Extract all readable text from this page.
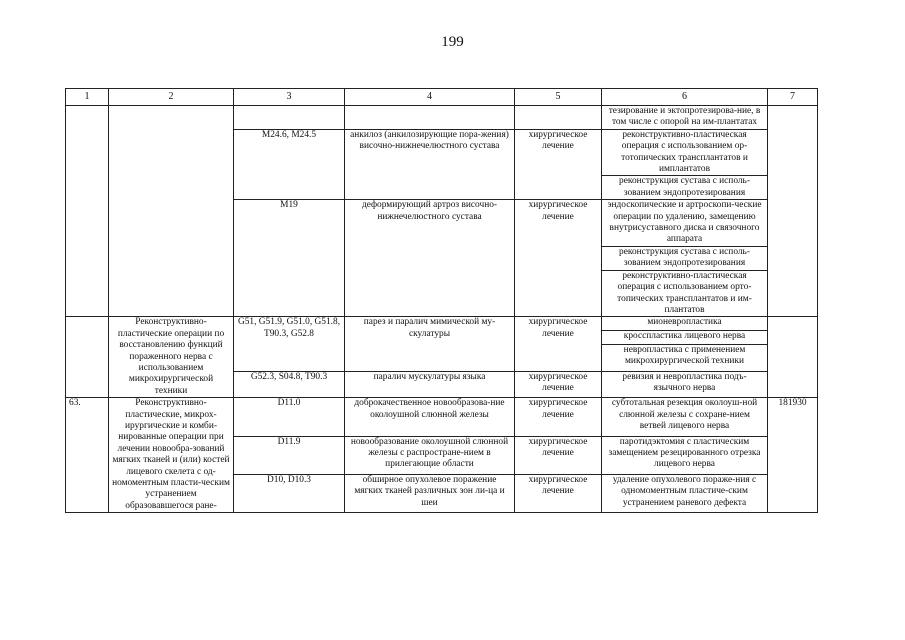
199
1	2	3	4	5	6	7
					тезирование и эктопротезирова-ние, в том числе с опорой на им-плантатах	
		М24.6, М24.5	анкилоз (анкилозирующие пора-жения) височно-нижнечелюстного сустава	хирургическое лечение	реконструктивно-пластическая операция с использованием ор-тотопических трансплантатов и имплантатов	
					реконструкция сустава с исполь-зованием эндопротезирования	
		М19	деформирующий артроз височно-нижнечелюстного сустава	хирургическое лечение	эндоскопические и артроскопи-ческие операции по удалению, замещению внутрисуставного диска и связочного аппарата	
					реконструкция сустава с исполь-зованием эндопротезирования	
					реконструктивно-пластическая операция с использованием орто-топических трансплантатов и им-плантатов	
	Реконструктивно-пластические операции по восстановлению функций пораженного нерва с использованием микрохирургической техники	G51, G51.9, G51.0, G51.8, Т90.3, G52.8	парез и паралич мимической му-скулатуры	хирургическое лечение	мионевропластика	
					кросспластика лицевого нерва	
					невропластика с применением микрохирургической техники	
		G52.3, S04.8, Т90.3	паралич мускулатуры языка	хирургическое лечение	ревизия и невропластика подъ-язычного нерва	
63.	Реконструктивно-пластические, микрох-ирургические и комби-нированные операции при лечении новообра-зований мягких тканей и (или) костей лицевого скелета с од-номоментным пласти-ческим устранением образовавшегося ране-	D11.0	доброкачественное новообразова-ние околоушной слюнной железы	хирургическое лечение	субтотальная резекция околоуш-ной слюнной железы с сохране-нием ветвей лицевого нерва	181930
		D11.9	новообразование околоушной слюнной железы с распростране-нием в прилегающие области	хирургическое лечение	паротидэктомия с пластическим замещением резецированного отрезка лицевого нерва	
		D10, D10.3	обширное опухолевое поражение мягких тканей различных зон ли-ца и шеи	хирургическое лечение	удаление опухолевого пораже-ния с одномоментным пластиче-ским устранением раневого дефекта	
